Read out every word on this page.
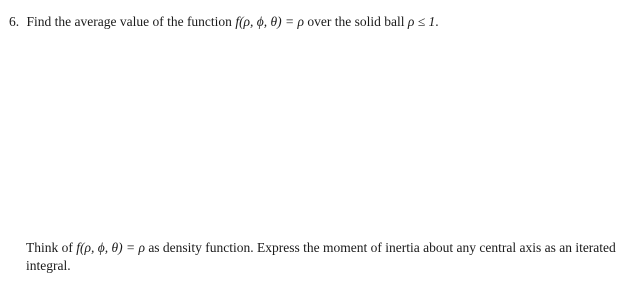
6. Find the average value of the function f(ρ, ϕ, θ) = ρ over the solid ball ρ ≤ 1.
Think of f(ρ, ϕ, θ) = ρ as density function. Express the moment of inertia about any central axis as an iterated integral.
